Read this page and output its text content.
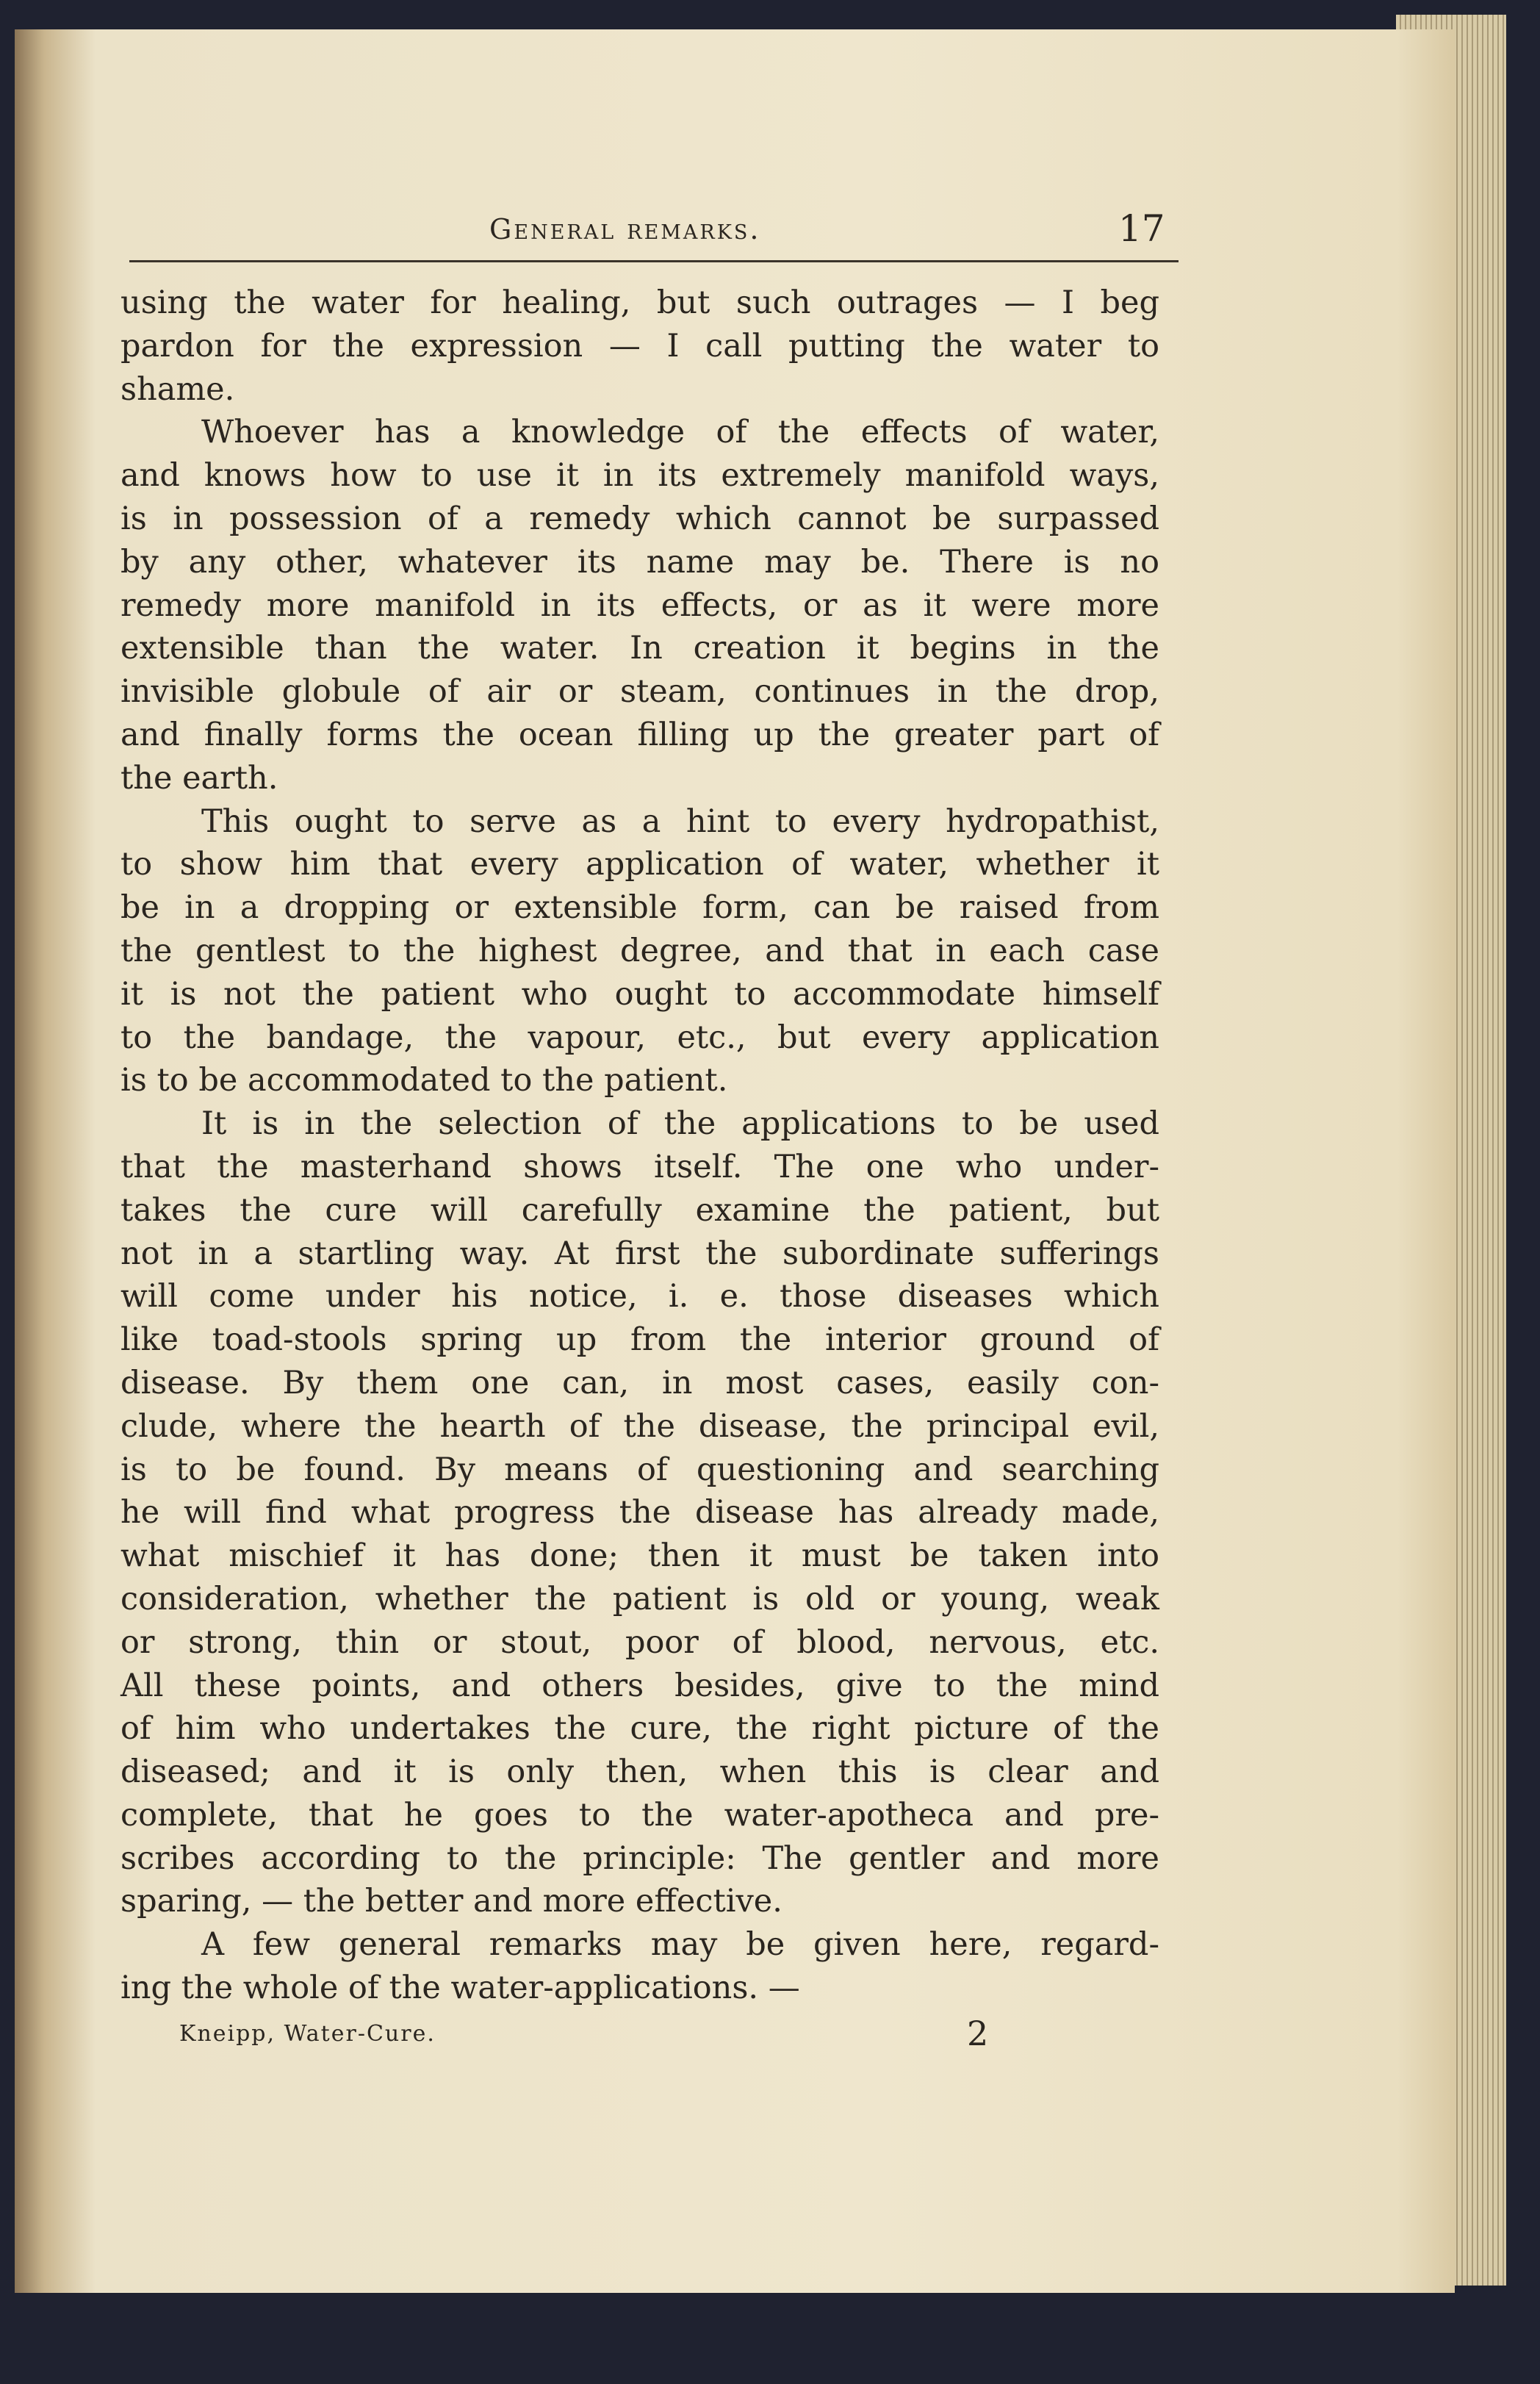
General remarks.	17
using the water for healing, but such outrages — I beg
pardon for the expression — I call putting the water to
shame.
Whoever has a knowledge of the effects of water,
and knows how to use it in its extremely manifold ways,
is in possession of a remedy which cannot be surpassed
by any other, whatever its name may be. There is no
remedy more manifold in its effects, or as it were more
extensible than the water. In creation it begins in the
invisible globule of air or steam, continues in the drop,
and finally forms the ocean filling up the greater part of
the earth.
This ought to serve as a hint to every hydropathist,
to show him that every application of water, whether it
be in a dropping or extensible form, can be raised from
the gentlest to the highest degree, and that in each case
it is not the patient who ought to accommodate himself
to the bandage, the vapour, etc., but every application
is to be accommodated to the patient.
It is in the selection of the applications to be used
that the masterhand shows itself. The one who under-
takes the cure will carefully examine the patient, but
not in a startling way. At first the subordinate sufferings
will come under his notice, i. e. those diseases which
like toad-stools spring up from the interior ground of
disease. By them one can, in most cases, easily con-
clude, where the hearth of the disease, the principal evil,
is to be found. By means of questioning and searching
he will find what progress the disease has already made,
what mischief it has done; then it must be taken into
consideration, whether the patient is old or young, weak
or strong, thin or stout, poor of blood, nervous, etc.
All these points, and others besides, give to the mind
of him who undertakes the cure, the right picture of the
diseased; and it is only then, when this is clear and
complete, that he goes to the water-apotheca and pre-
scribes according to the principle: The gentler and more
sparing, — the better and more effective.
A few general remarks may be given here, regard-
ing the whole of the water-applications. —
Kneipp, Water-Cure.	2
